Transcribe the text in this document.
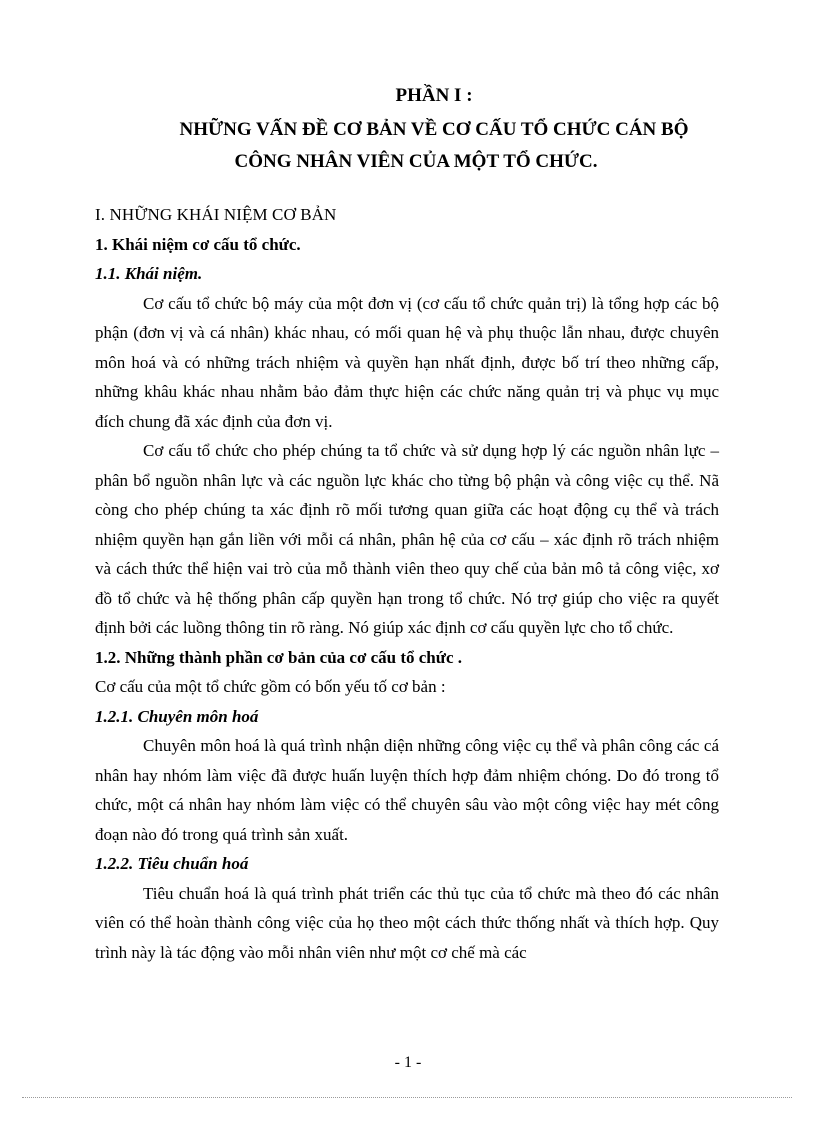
PHẦN I :
NHỮNG VẤN ĐỀ CƠ BẢN VỀ CƠ CẤU TỔ CHỨC CÁN BỘ
CÔNG NHÂN VIÊN CỦA MỘT TỔ CHỨC.
I. NHỮNG KHÁI NIỆM CƠ BẢN
1. Khái niệm cơ cấu tổ chức.
1.1. Khái niệm.

Cơ cấu tổ chức bộ máy của một đơn vị (cơ cấu tổ chức quản trị) là tổng hợp các bộ phận (đơn vị và cá nhân) khác nhau, có mối quan hệ và phụ thuộc lẫn nhau, được chuyên môn hoá và có những trách nhiệm và quyền hạn nhất định, được bố trí theo những cấp, những khâu khác nhau nhằm bảo đảm thực hiện các chức năng quản trị và phục vụ mục đích chung đã xác định của đơn vị.

Cơ cấu tổ chức cho phép chúng ta tổ chức và sử dụng hợp lý các nguồn nhân lực – phân bổ nguồn nhân lực và các nguồn lực khác cho từng bộ phận và công việc cụ thể. Nã còng cho phép chúng ta xác định rõ mối tương quan giữa các hoạt động cụ thể và trách nhiệm quyền hạn gắn liền với mỗi cá nhân, phân hệ của cơ cấu – xác định rõ trách nhiệm và cách thức thể hiện vai trò của mỗ thành viên theo quy chế của bản mô tả công việc, xơ đồ tổ chức và hệ thống phân cấp quyền hạn trong tổ chức. Nó trợ giúp cho việc ra quyết định bởi các luồng thông tin rõ ràng. Nó giúp xác định cơ cấu quyền lực cho tổ chức.

1.2. Những thành phần cơ bản của cơ cấu tổ chức .

Cơ cấu của một tổ chức gồm có bốn yếu tố cơ bản :

1.2.1. Chuyên môn hoá

Chuyên môn hoá là quá trình nhận diện những công việc cụ thể và phân công các cá nhân hay nhóm làm việc đã được huấn luyện thích hợp đảm nhiệm chóng. Do đó trong tổ chức, một cá nhân hay nhóm làm việc có thể chuyên sâu vào một công việc hay mét công đoạn nào đó trong quá trình sản xuất.

1.2.2. Tiêu chuẩn hoá

Tiêu chuẩn hoá là quá trình phát triển các thủ tục của tổ chức mà theo đó các nhân viên có thể hoàn thành công việc của họ theo một cách thức thống nhất và thích hợp. Quy trình này là tác động vào mỗi nhân viên như một cơ chế mà các

- 1 -
